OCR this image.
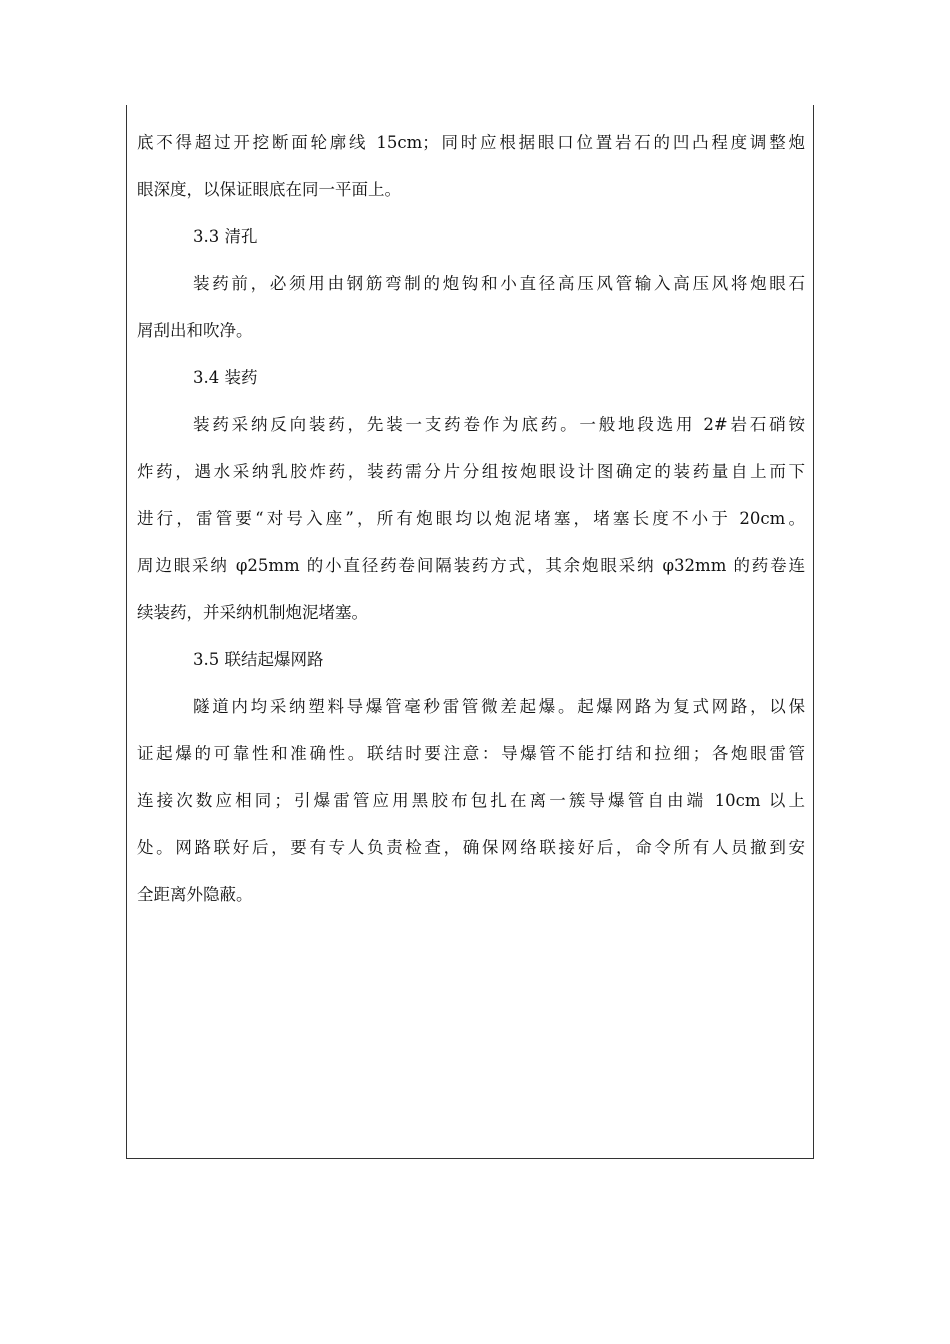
底不得超过开挖断面轮廓线 15cm；同时应根据眼口位置岩石的凹凸程度调整炮
眼深度，以保证眼底在同一平面上。
3.3 清孔
装药前，必须用由钢筋弯制的炮钩和小直径高压风管输入高压风将炮眼石
屑刮出和吹净。
3.4 装药
装药采纳反向装药，先装一支药卷作为底药。一般地段选用 2#岩石硝铵
炸药，遇水采纳乳胶炸药，装药需分片分组按炮眼设计图确定的装药量自上而下
进行，雷管要“对号入座”，所有炮眼均以炮泥堵塞，堵塞长度不小于 20cm。
周边眼采纳 φ25mm 的小直径药卷间隔装药方式，其余炮眼采纳 φ32mm 的药卷连
续装药，并采纳机制炮泥堵塞。
3.5 联结起爆网路
隧道内均采纳塑料导爆管毫秒雷管微差起爆。起爆网路为复式网路，以保
证起爆的可靠性和准确性。联结时要注意：导爆管不能打结和拉细；各炮眼雷管
连接次数应相同；引爆雷管应用黑胶布包扎在离一簇导爆管自由端 10cm 以上
处。网路联好后，要有专人负责检查，确保网络联接好后，命令所有人员撤到安
全距离外隐蔽。
